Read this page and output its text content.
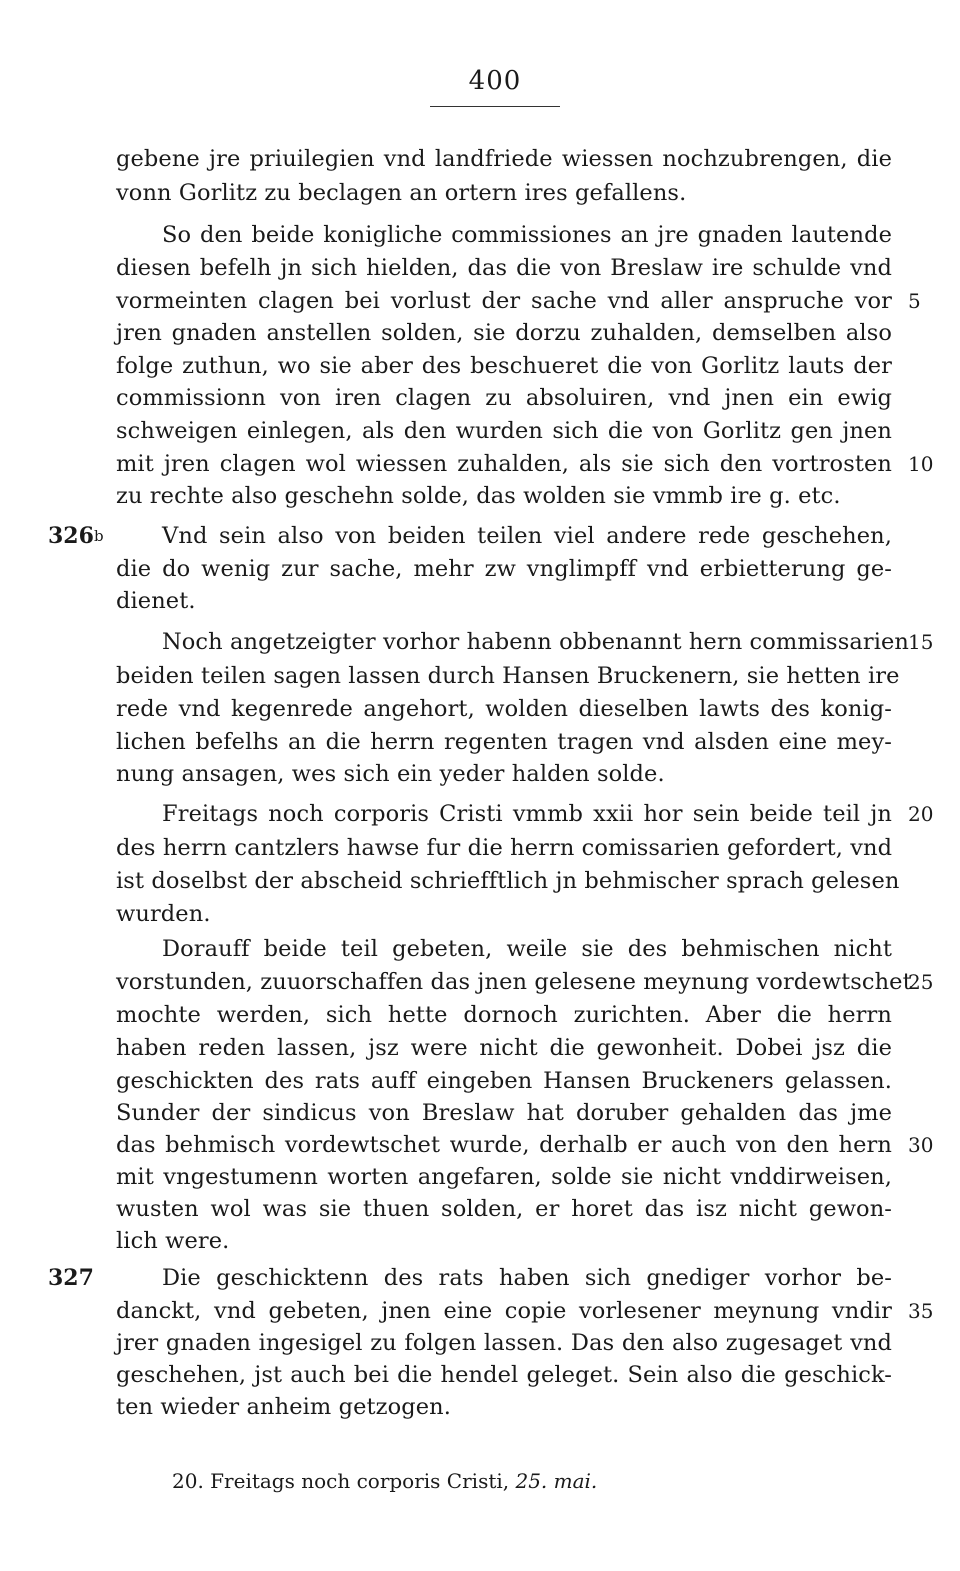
400
gebene jre priuilegien vnd landfriede wiessen nochzubrengen, die
vonn Gorlitz zu beclagen an ortern ires gefallens.
So den beide konigliche commissiones an jre gnaden lautende
diesen befelh jn sich hielden, das die von Breslaw ire schulde vnd
vormeinten clagen bei vorlust der sache vnd aller anspruche vor
jren gnaden anstellen solden, sie dorzu zuhalden, demselben also
folge zuthun, wo sie aber des beschueret die von Gorlitz lauts der
commissionn von iren clagen zu absoluiren, vnd jnen ein ewig
schweigen einlegen, als den wurden sich die von Gorlitz gen jnen
mit jren clagen wol wiessen zuhalden, als sie sich den vortrosten
zu rechte also geschehn solde, das wolden sie vmmb ire g. etc.
Vnd sein also von beiden teilen viel andere rede geschehen,
die do wenig zur sache, mehr zw vnglimpff vnd erbietterung ge-
dienet.
Noch angetzeigter vorhor habenn obbenannt hern commissarien
beiden teilen sagen lassen durch Hansen Bruckenern, sie hetten ire
rede vnd kegenrede angehort, wolden dieselben lawts des konig-
lichen befelhs an die herrn regenten tragen vnd alsden eine mey-
nung ansagen, wes sich ein yeder halden solde.
Freitags noch corporis Cristi vmmb xxii hor sein beide teil jn
des herrn cantzlers hawse fur die herrn comissarien gefordert, vnd
ist doselbst der abscheid schriefftlich jn behmischer sprach gelesen
wurden.
Dorauff beide teil gebeten, weile sie des behmischen nicht
vorstunden, zuuorschaffen das jnen gelesene meynung vordewtschet
mochte werden, sich hette dornoch zurichten. Aber die herrn
haben reden lassen, jsz were nicht die gewonheit. Dobei jsz die
geschickten des rats auff eingeben Hansen Bruckeners gelassen.
Sunder der sindicus von Breslaw hat doruber gehalden das jme
das behmisch vordewtschet wurde, derhalb er auch von den hern
mit vngestumenn worten angefaren, solde sie nicht vnddirweisen,
wusten wol was sie thuen solden, er horet das isz nicht gewon-
lich were.
Die geschicktenn des rats haben sich gnediger vorhor be-
danckt, vnd gebeten, jnen eine copie vorlesener meynung vndir
jrer gnaden ingesigel zu folgen lassen. Das den also zugesaget vnd
geschehen, jst auch bei die hendel geleget. Sein also die geschick-
ten wieder anheim getzogen.
5
10
15
20
25
30
35
326$^b$
327
20. Freitags noch corporis Cristi, 25. mai.
